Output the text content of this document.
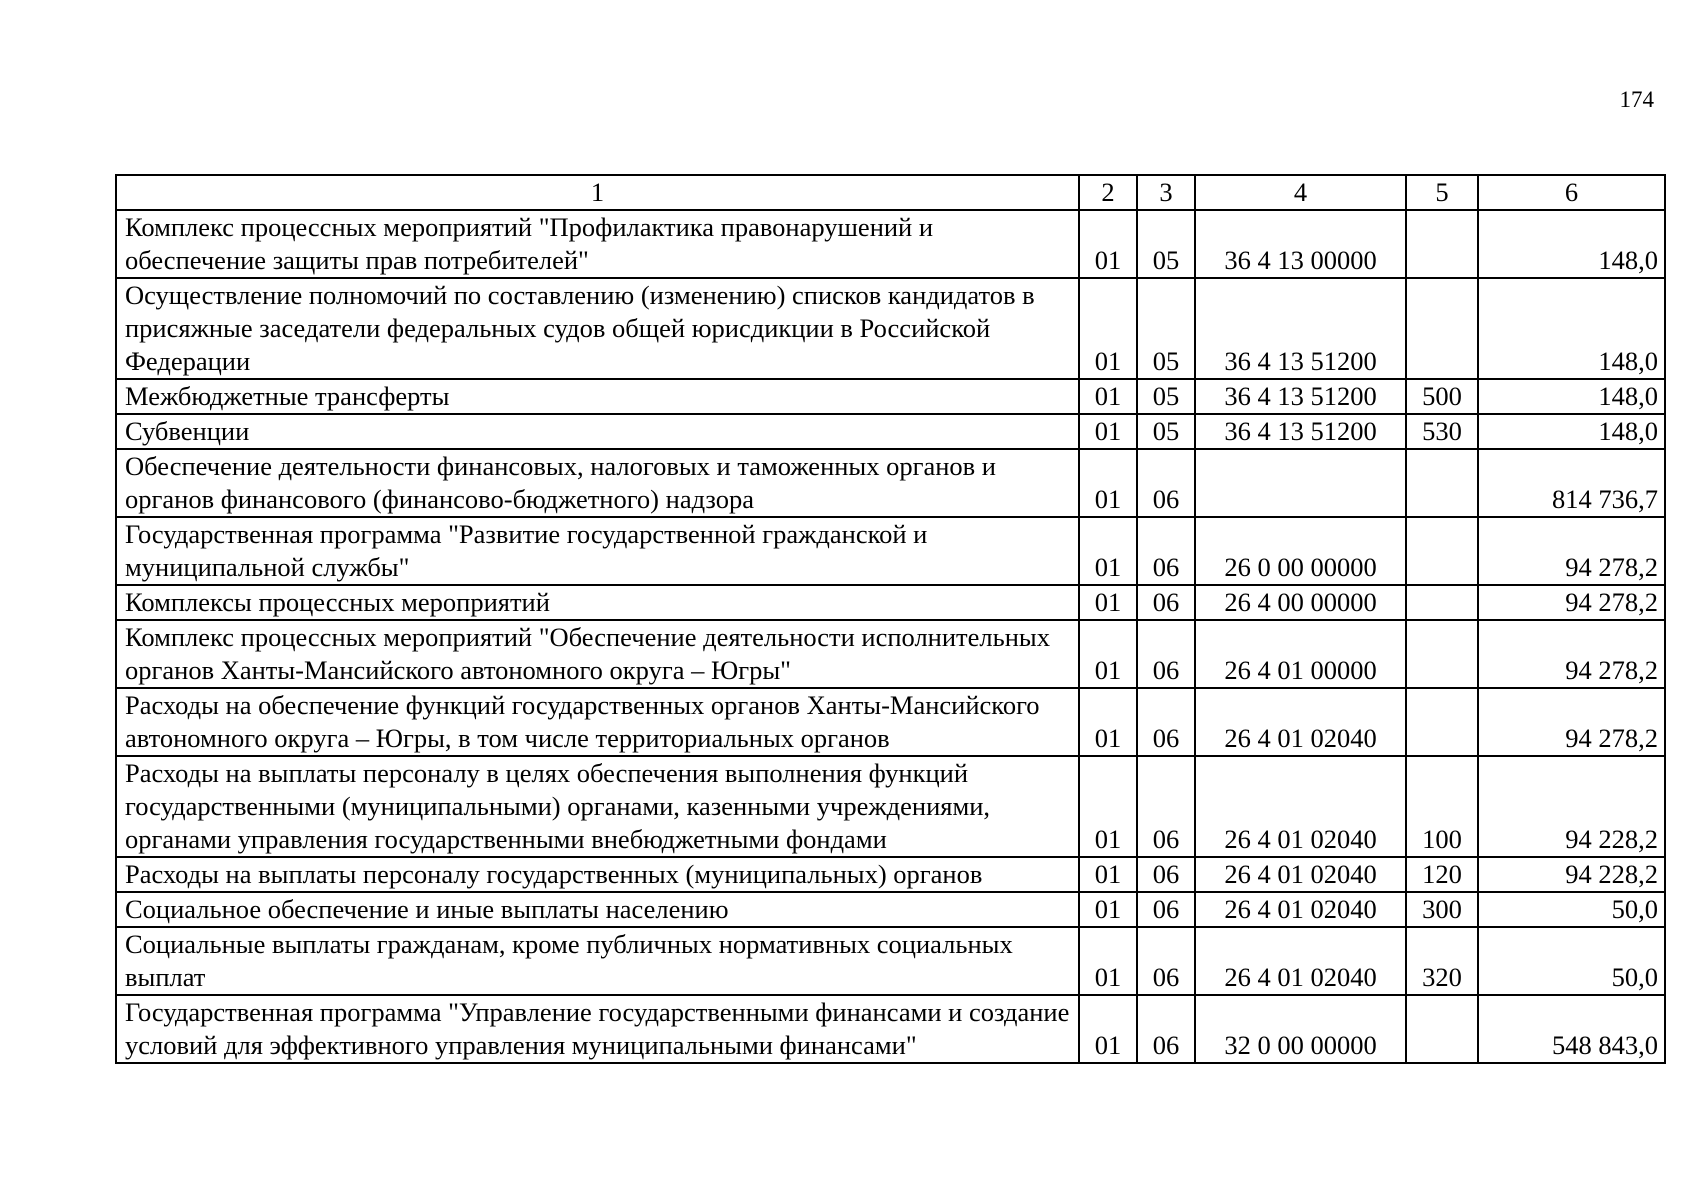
174
1	2	3	4	5	6
Комплекс процессных мероприятий "Профилактика правонарушений и обеспечение защиты прав потребителей"	01	05	36 4 13 00000		148,0
Осуществление полномочий по составлению (изменению) списков кандидатов в присяжные заседатели федеральных судов общей юрисдикции в Российской Федерации	01	05	36 4 13 51200		148,0
Межбюджетные трансферты	01	05	36 4 13 51200	500	148,0
Субвенции	01	05	36 4 13 51200	530	148,0
Обеспечение деятельности финансовых, налоговых и таможенных органов и органов финансового (финансово-бюджетного) надзора	01	06			814 736,7
Государственная программа "Развитие государственной гражданской и муниципальной службы"	01	06	26 0 00 00000		94 278,2
Комплексы процессных мероприятий	01	06	26 4 00 00000		94 278,2
Комплекс процессных мероприятий "Обеспечение деятельности исполнительных органов Ханты-Мансийского автономного округа – Югры"	01	06	26 4 01 00000		94 278,2
Расходы на обеспечение функций государственных органов Ханты-Мансийского автономного округа – Югры, в том числе территориальных органов	01	06	26 4 01 02040		94 278,2
Расходы на выплаты персоналу в целях обеспечения выполнения функций государственными (муниципальными) органами, казенными учреждениями, органами управления государственными внебюджетными фондами	01	06	26 4 01 02040	100	94 228,2
Расходы на выплаты персоналу государственных (муниципальных) органов	01	06	26 4 01 02040	120	94 228,2
Социальное обеспечение и иные выплаты населению	01	06	26 4 01 02040	300	50,0
Социальные выплаты гражданам, кроме публичных нормативных социальных выплат	01	06	26 4 01 02040	320	50,0
Государственная программа "Управление государственными финансами и создание условий для эффективного управления муниципальными финансами"	01	06	32 0 00 00000		548 843,0
